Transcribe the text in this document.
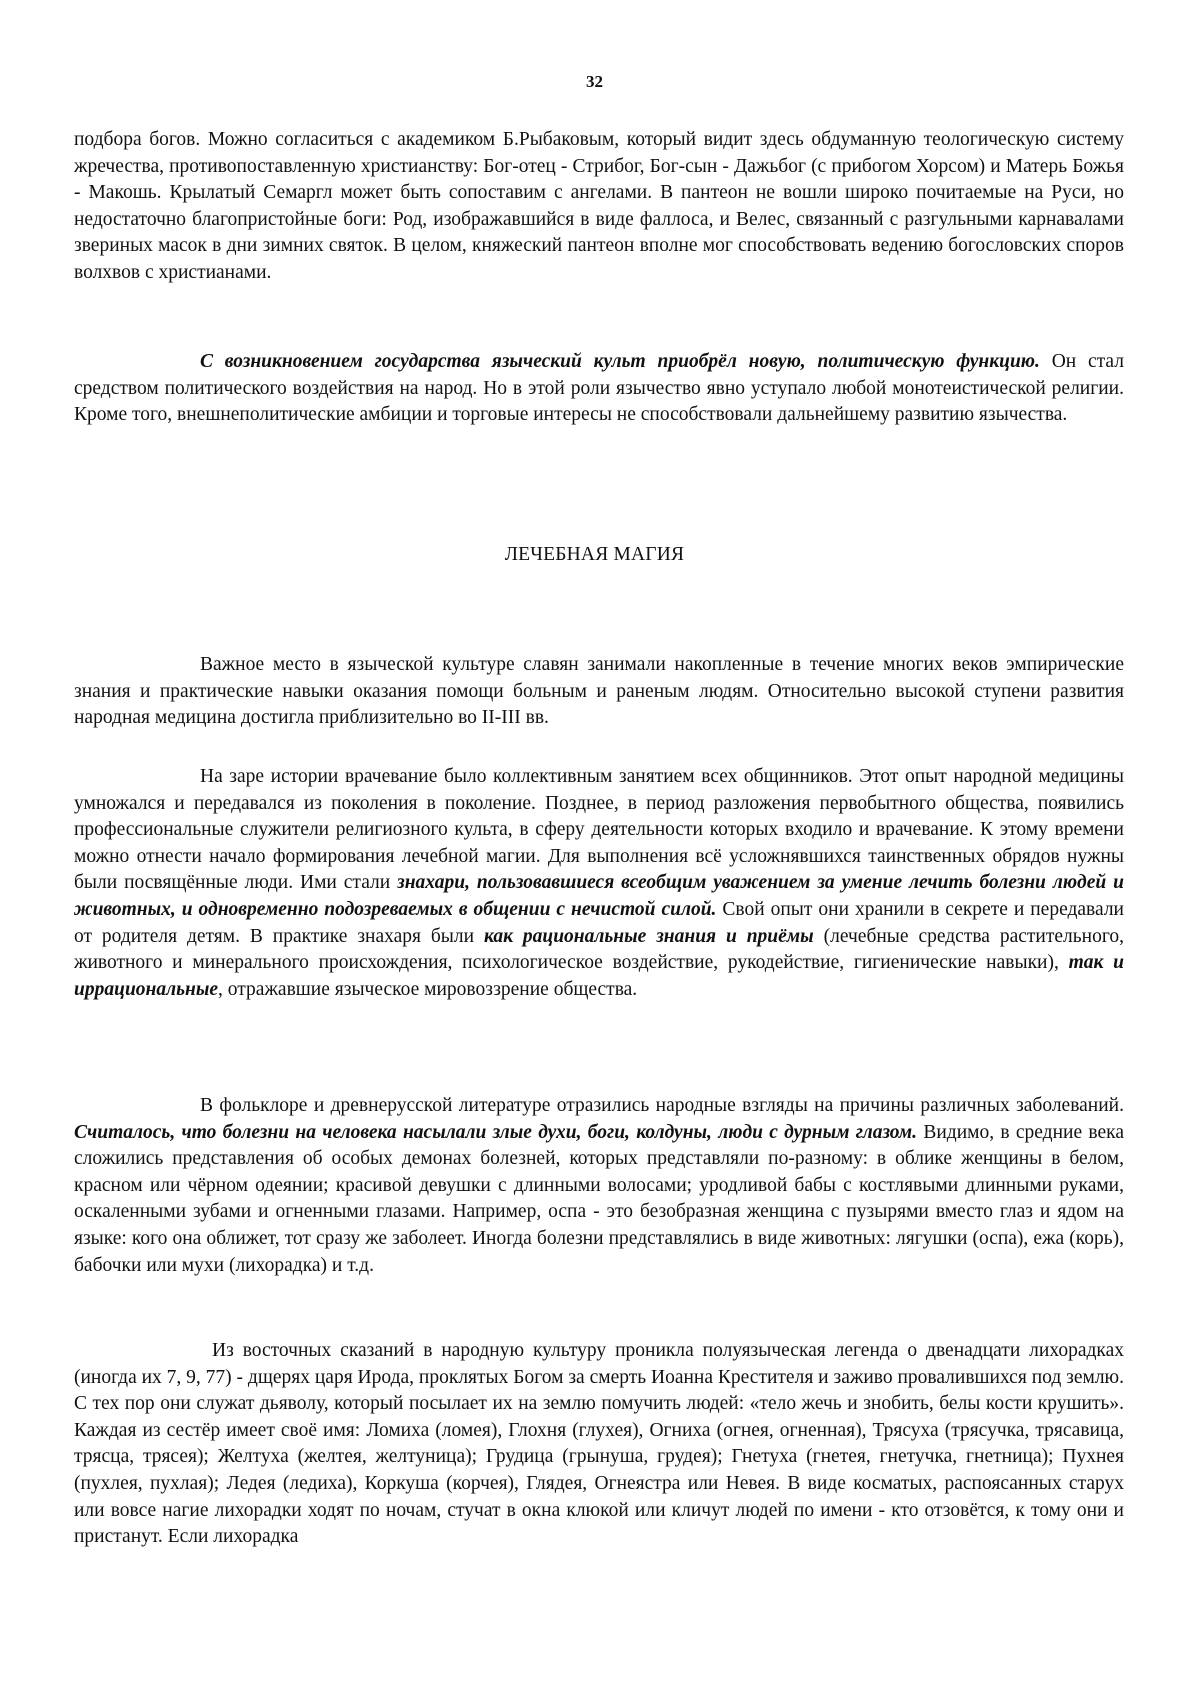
32

подбора богов. Можно согласиться с академиком Б.Рыбаковым, который видит здесь обдуманную теологическую систему жречества, противопоставленную христианству: Бог-отец - Стрибог, Бог-сын - Дажьбог (с прибогом Хорсом) и Матерь Божья - Макошь. Крылатый Семаргл может быть сопоставим с ангелами. В пантеон не вошли широко почитаемые на Руси, но недостаточно благопристойные боги: Род, изображавшийся в виде фаллоса, и Велес, связанный с разгульными карнавалами звериных масок в дни зимних святок. В целом, княжеский пантеон вполне мог способствовать ведению богословских споров волхвов с христианами.

С возникновением государства языческий культ приобрёл новую, политическую функцию. Он стал средством политического воздействия на народ. Но в этой роли язычество явно уступало любой монотеистической религии. Кроме того, внешнеполитические амбиции и торговые интересы не способствовали дальнейшему развитию язычества.

ЛЕЧЕБНАЯ МАГИЯ

Важное место в языческой культуре славян занимали накопленные в течение многих веков эмпирические знания и практические навыки оказания помощи больным и раненым людям. Относительно высокой ступени развития народная медицина достигла приблизительно во II-III вв.

На заре истории врачевание было коллективным занятием всех общинников. Этот опыт народной медицины умножался и передавался из поколения в поколение. Позднее, в период разложения первобытного общества, появились профессиональные служители религиозного культа, в сферу деятельности которых входило и врачевание. К этому времени можно отнести начало формирования лечебной магии. Для выполнения всё усложнявшихся таинственных обрядов нужны были посвящённые люди. Ими стали знахари, пользовавшиеся всеобщим уважением за умение лечить болезни людей и животных, и одновременно подозреваемых в общении с нечистой силой. Свой опыт они хранили в секрете и передавали от родителя детям. В практике знахаря были как рациональные знания и приёмы (лечебные средства растительного, животного и минерального происхождения, психологическое воздействие, рукодействие, гигиенические навыки), так и иррациональные, отражавшие языческое мировоззрение общества.

В фольклоре и древнерусской литературе отразились народные взгляды на причины различных заболеваний. Считалось, что болезни на человека насылали злые духи, боги, колдуны, люди с дурным глазом. Видимо, в средние века сложились представления об особых демонах болезней, которых представляли по-разному: в облике женщины в белом, красном или чёрном одеянии; красивой девушки с длинными волосами; уродливой бабы с костлявыми длинными руками, оскаленными зубами и огненными глазами. Например, оспа - это безобразная женщина с пузырями вместо глаз и ядом на языке: кого она оближет, тот сразу же заболеет. Иногда болезни представлялись в виде животных: лягушки (оспа), ежа (корь), бабочки или мухи (лихорадка) и т.д.

Из восточных сказаний в народную культуру проникла полуязыческая легенда о двенадцати лихорадках (иногда их 7, 9, 77) - дщерях царя Ирода, проклятых Богом за смерть Иоанна Крестителя и заживо провалившихся под землю. С тех пор они служат дьяволу, который посылает их на землю помучить людей: «тело жечь и знобить, белы кости крушить». Каждая из сестёр имеет своё имя: Ломиха (ломея), Глохня (глухея), Огниха (огнея, огненная), Трясуха (трясучка, трясавица, трясца, трясея); Желтуха (желтея, желтуница); Грудица (грынуша, грудея); Гнетуха (гнетея, гнетучка, гнетница); Пухнея (пухлея, пухлая); Ледея (ледиха), Коркуша (корчея), Глядея, Огнеястра или Невея. В виде косматых, распоясанных старух или вовсе нагие лихорадки ходят по ночам, стучат в окна клюкой или кличут людей по имени - кто отзовётся, к тому они и пристанут. Если лихорадка
